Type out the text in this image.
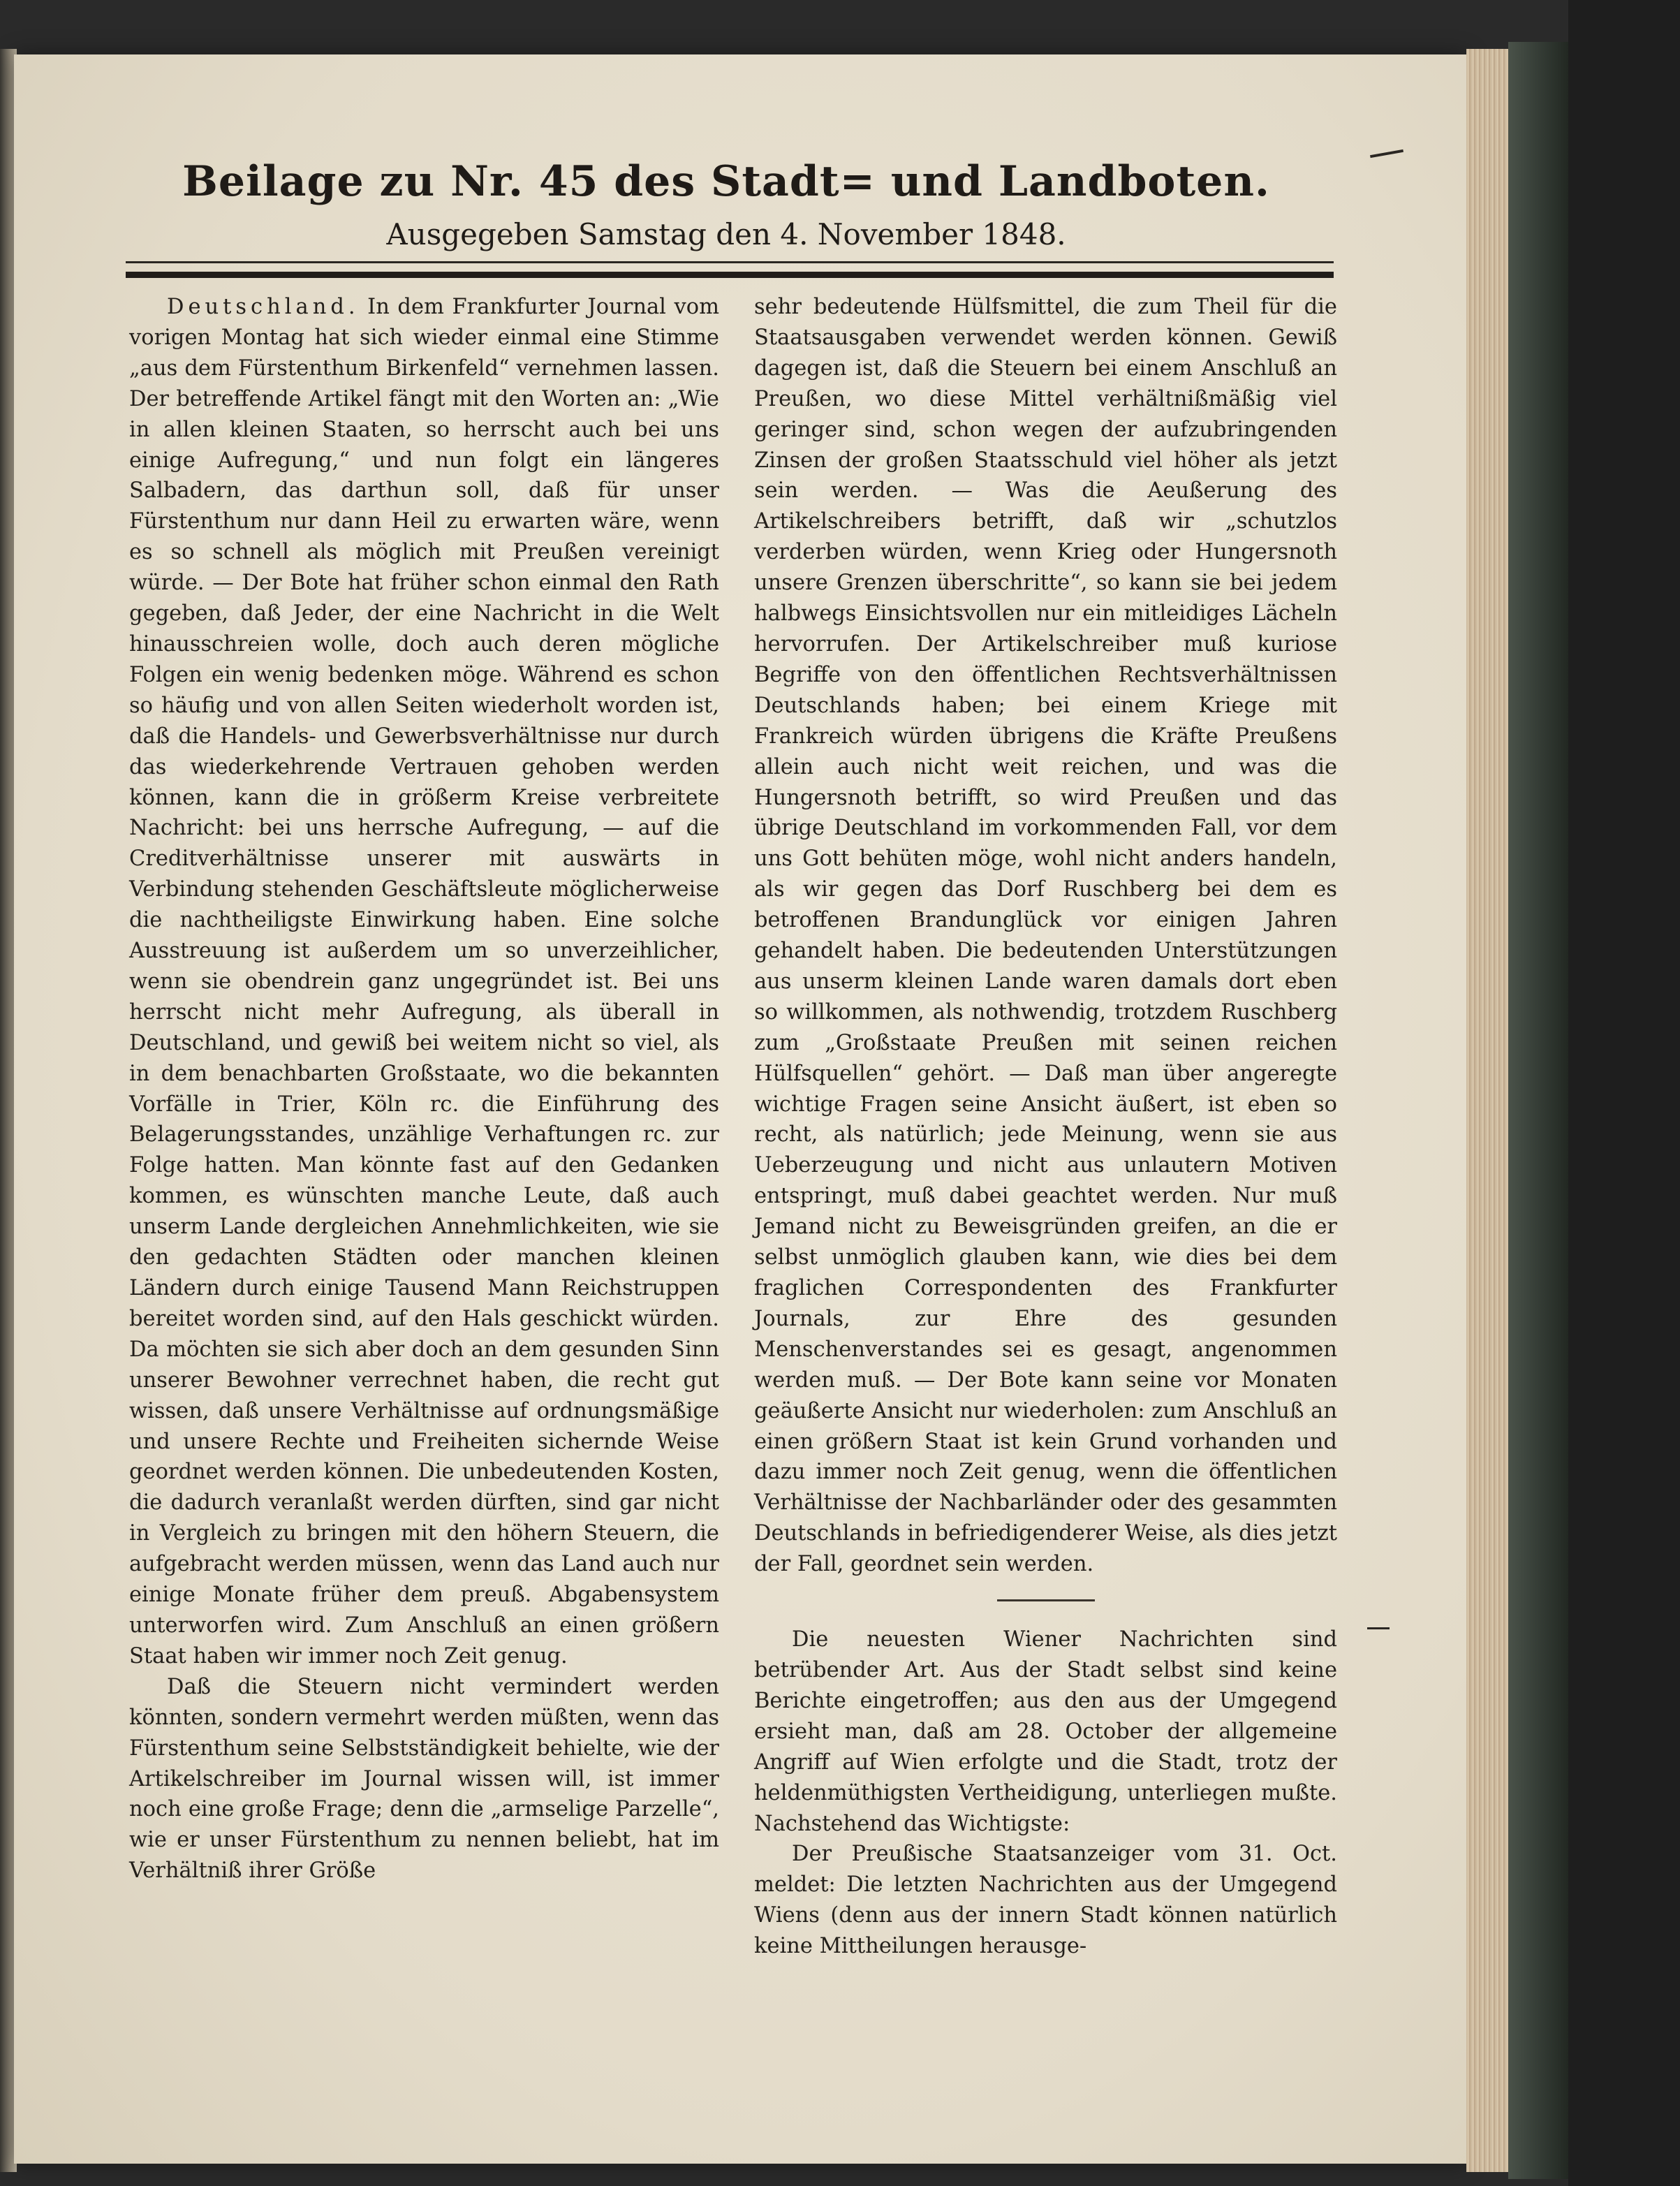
Beilage zu Nr. 45 des Stadt= und Landboten.
Ausgegeben Samstag den 4. November 1848.

Deutschland. In dem Frankfurter Journal vom vorigen Montag hat sich wieder einmal eine Stimme „aus dem Fürstenthum Birkenfeld“ vernehmen lassen. Der betreffende Artikel fängt mit den Worten an: „Wie in allen kleinen Staaten, so herrscht auch bei uns einige Aufregung,“ und nun folgt ein längeres Salbadern, das darthun soll, daß für unser Fürstenthum nur dann Heil zu erwarten wäre, wenn es so schnell als möglich mit Preußen vereinigt würde. — Der Bote hat früher schon einmal den Rath gegeben, daß Jeder, der eine Nachricht in die Welt hinausschreien wolle, doch auch deren mögliche Folgen ein wenig bedenken möge. Während es schon so häufig und von allen Seiten wiederholt worden ist, daß die Handels- und Gewerbsverhältnisse nur durch das wiederkehrende Vertrauen gehoben werden können, kann die in größerm Kreise verbreitete Nachricht: bei uns herrsche Aufregung, — auf die Creditverhältnisse unserer mit auswärts in Verbindung stehenden Geschäftsleute möglicherweise die nachtheiligste Einwirkung haben. Eine solche Ausstreuung ist außerdem um so unverzeihlicher, wenn sie obendrein ganz ungegründet ist. Bei uns herrscht nicht mehr Aufregung, als überall in Deutschland, und gewiß bei weitem nicht so viel, als in dem benachbarten Großstaate, wo die bekannten Vorfälle in Trier, Köln rc. die Einführung des Belagerungsstandes, unzählige Verhaftungen rc. zur Folge hatten. Man könnte fast auf den Gedanken kommen, es wünschten manche Leute, daß auch unserm Lande dergleichen Annehmlichkeiten, wie sie den gedachten Städten oder manchen kleinen Ländern durch einige Tausend Mann Reichstruppen bereitet worden sind, auf den Hals geschickt würden. Da möchten sie sich aber doch an dem gesunden Sinn unserer Bewohner verrechnet haben, die recht gut wissen, daß unsere Verhältnisse auf ordnungsmäßige und unsere Rechte und Freiheiten sichernde Weise geordnet werden können. Die unbedeutenden Kosten, die dadurch veranlaßt werden dürften, sind gar nicht in Vergleich zu bringen mit den höhern Steuern, die aufgebracht werden müssen, wenn das Land auch nur einige Monate früher dem preuß. Abgabensystem unterworfen wird. Zum Anschluß an einen größern Staat haben wir immer noch Zeit genug.

Daß die Steuern nicht vermindert werden könnten, sondern vermehrt werden müßten, wenn das Fürstenthum seine Selbstständigkeit behielte, wie der Artikelschreiber im Journal wissen will, ist immer noch eine große Frage; denn die „armselige Parzelle“, wie er unser Fürstenthum zu nennen beliebt, hat im Verhältniß ihrer Größe

sehr bedeutende Hülfsmittel, die zum Theil für die Staatsausgaben verwendet werden können. Gewiß dagegen ist, daß die Steuern bei einem Anschluß an Preußen, wo diese Mittel verhältnißmäßig viel geringer sind, schon wegen der aufzubringenden Zinsen der großen Staatsschuld viel höher als jetzt sein werden. — Was die Aeußerung des Artikelschreibers betrifft, daß wir „schutzlos verderben würden, wenn Krieg oder Hungersnoth unsere Grenzen überschritte“, so kann sie bei jedem halbwegs Einsichtsvollen nur ein mitleidiges Lächeln hervorrufen. Der Artikelschreiber muß kuriose Begriffe von den öffentlichen Rechtsverhältnissen Deutschlands haben; bei einem Kriege mit Frankreich würden übrigens die Kräfte Preußens allein auch nicht weit reichen, und was die Hungersnoth betrifft, so wird Preußen und das übrige Deutschland im vorkommenden Fall, vor dem uns Gott behüten möge, wohl nicht anders handeln, als wir gegen das Dorf Ruschberg bei dem es betroffenen Brandunglück vor einigen Jahren gehandelt haben. Die bedeutenden Unterstützungen aus unserm kleinen Lande waren damals dort eben so willkommen, als nothwendig, trotzdem Ruschberg zum „Großstaate Preußen mit seinen reichen Hülfsquellen“ gehört. — Daß man über angeregte wichtige Fragen seine Ansicht äußert, ist eben so recht, als natürlich; jede Meinung, wenn sie aus Ueberzeugung und nicht aus unlautern Motiven entspringt, muß dabei geachtet werden. Nur muß Jemand nicht zu Beweisgründen greifen, an die er selbst unmöglich glauben kann, wie dies bei dem fraglichen Correspondenten des Frankfurter Journals, zur Ehre des gesunden Menschenverstandes sei es gesagt, angenommen werden muß. — Der Bote kann seine vor Monaten geäußerte Ansicht nur wiederholen: zum Anschluß an einen größern Staat ist kein Grund vorhanden und dazu immer noch Zeit genug, wenn die öffentlichen Verhältnisse der Nachbarländer oder des gesammten Deutschlands in befriedigenderer Weise, als dies jetzt der Fall, geordnet sein werden.

Die neuesten Wiener Nachrichten sind betrübender Art. Aus der Stadt selbst sind keine Berichte eingetroffen; aus den aus der Umgegend ersieht man, daß am 28. October der allgemeine Angriff auf Wien erfolgte und die Stadt, trotz der heldenmüthigsten Vertheidigung, unterliegen mußte. Nachstehend das Wichtigste:

Der Preußische Staatsanzeiger vom 31. Oct. meldet: Die letzten Nachrichten aus der Umgegend Wiens (denn aus der innern Stadt können natürlich keine Mittheilungen herausge-
